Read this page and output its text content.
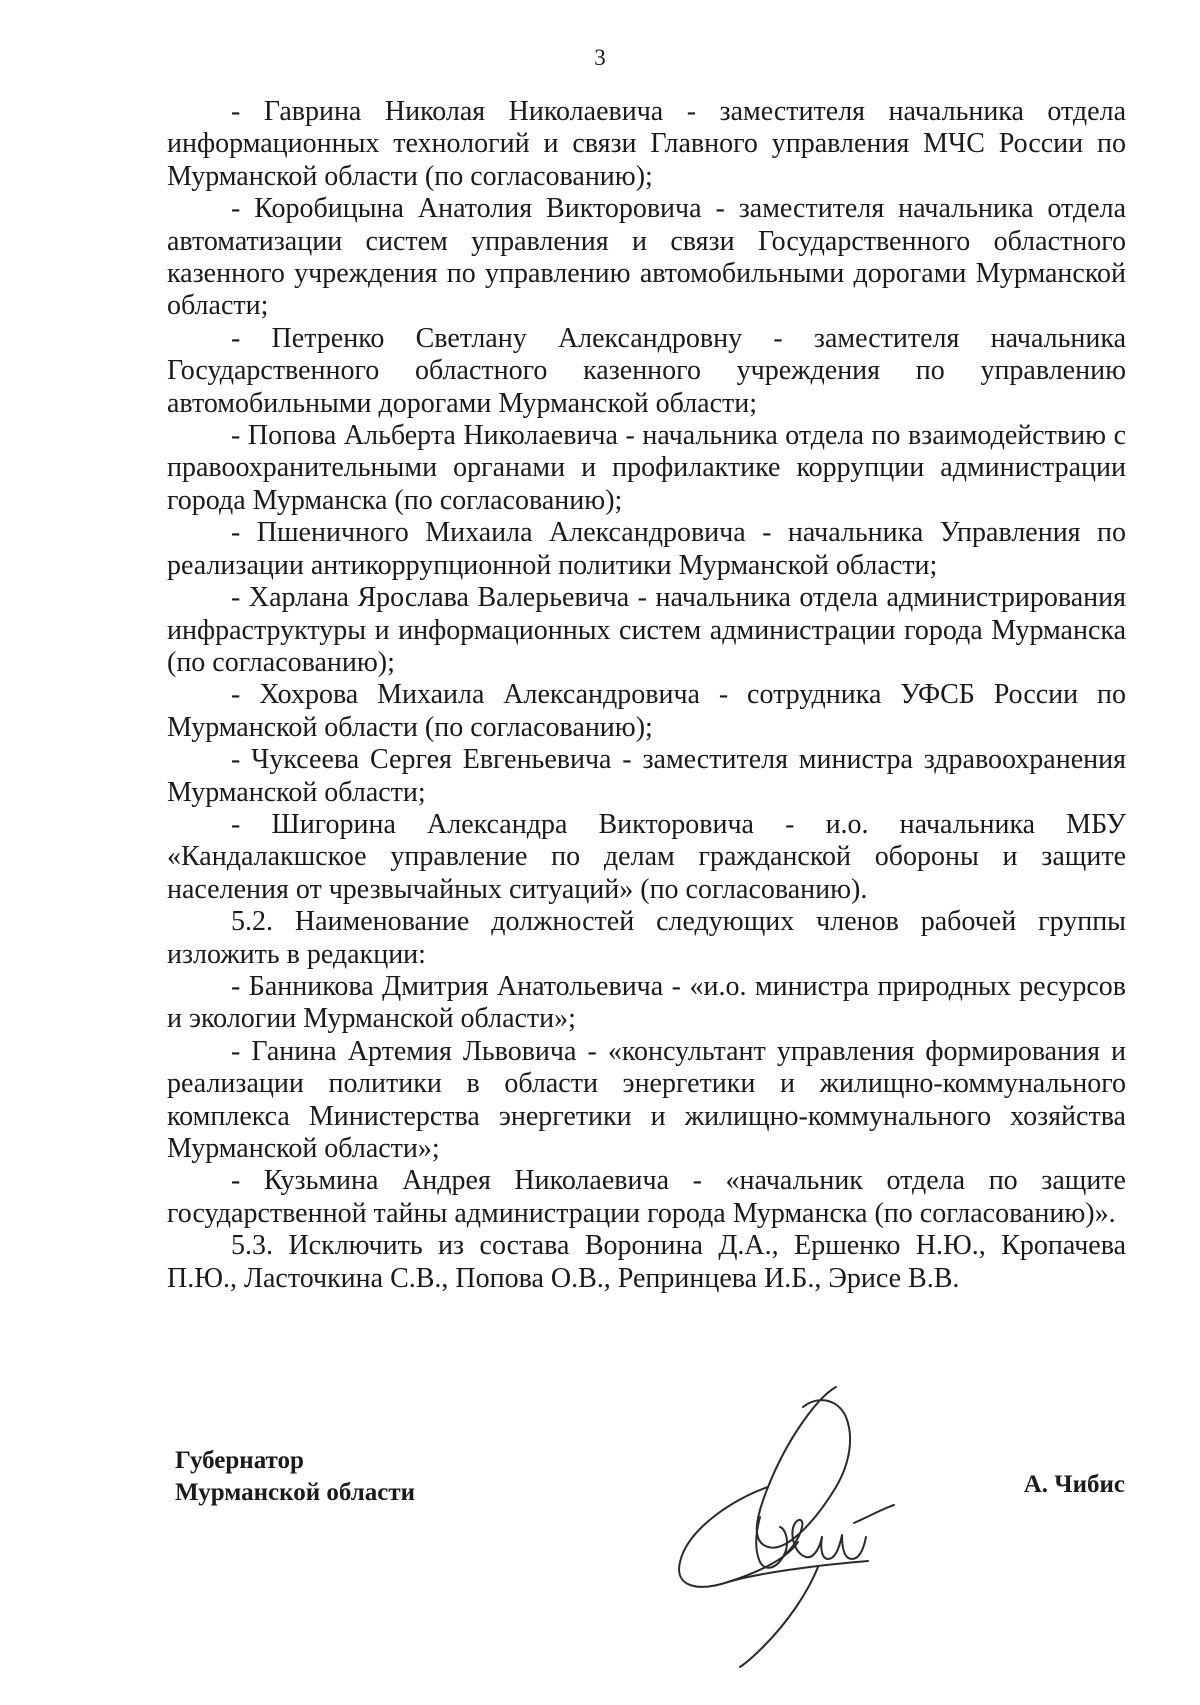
3

- Гаврина Николая Николаевича - заместителя начальника отдела информационных технологий и связи Главного управления МЧС России по Мурманской области (по согласованию);

- Коробицына Анатолия Викторовича - заместителя начальника отдела автоматизации систем управления и связи Государственного областного казенного учреждения по управлению автомобильными дорогами Мурманской области;

- Петренко Светлану Александровну - заместителя начальника Государственного областного казенного учреждения по управлению автомобильными дорогами Мурманской области;

- Попова Альберта Николаевича - начальника отдела по взаимодействию с правоохранительными органами и профилактике коррупции администрации города Мурманска (по согласованию);

- Пшеничного Михаила Александровича - начальника Управления по реализации антикоррупционной политики Мурманской области;

- Харлана Ярослава Валерьевича - начальника отдела администрирования инфраструктуры и информационных систем администрации города Мурманска (по согласованию);

- Хохрова Михаила Александровича - сотрудника УФСБ России по Мурманской области (по согласованию);

- Чуксеева Сергея Евгеньевича - заместителя министра здравоохранения Мурманской области;

- Шигорина Александра Викторовича - и.о. начальника МБУ «Кандалакшское управление по делам гражданской обороны и защите населения от чрезвычайных ситуаций» (по согласованию).

5.2. Наименование должностей следующих членов рабочей группы изложить в редакции:

- Банникова Дмитрия Анатольевича - «и.о. министра природных ресурсов и экологии Мурманской области»;

- Ганина Артемия Львовича - «консультант управления формирования и реализации политики в области энергетики и жилищно-коммунального комплекса Министерства энергетики и жилищно-коммунального хозяйства Мурманской области»;

- Кузьмина Андрея Николаевича - «начальник отдела по защите государственной тайны администрации города Мурманска (по согласованию)».

5.3. Исключить из состава Воронина Д.А., Ершенко Н.Ю., Кропачева П.Ю., Ласточкина С.В., Попова О.В., Репринцева И.Б., Эрисе В.В.

Губернатор
Мурманской области	А. Чибис
